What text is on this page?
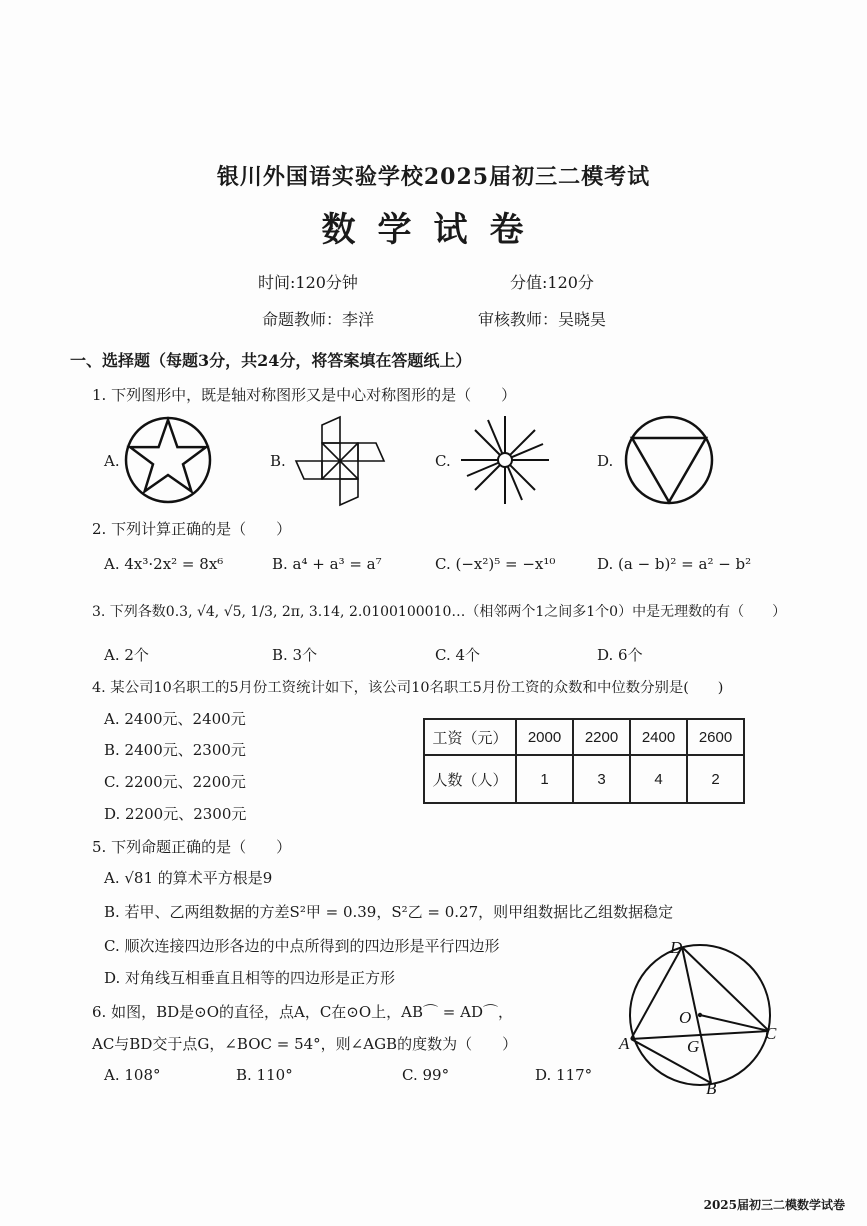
银川外国语实验学校2025届初三二模考试
数学试卷
时间:120分钟	分值:120分
命题教师：李洋	审核教师：吴晓昊
一、选择题（每题3分，共24分，将答案填在答题纸上）
1. 下列图形中，既是轴对称图形又是中心对称图形的是（　　）
A.	B.	C.	D.
2. 下列计算正确的是（　　）
A. 4x³·2x² = 8x⁶	B. a⁴ + a³ = a⁷	C. (−x²)⁵ = −x¹⁰	D. (a − b)² = a² − b²
3. 下列各数0.3, √4, √5, 1/3, 2π, 3.14, 2.0100100010…（相邻两个1之间多1个0）中是无理数的有（　　）
A. 2个	B. 3个	C. 4个	D. 6个
4. 某公司10名职工的5月份工资统计如下，该公司10名职工5月份工资的众数和中位数分别是(　　)
A. 2400元、2400元
B. 2400元、2300元
C. 2200元、2200元
D. 2200元、2300元
工资（元）	2000	2200	2400	2600
人数（人）	1	3	4	2
5. 下列命题正确的是（　　）
A. √81 的算术平方根是9
B. 若甲、乙两组数据的方差S²甲 = 0.39，S²乙 = 0.27，则甲组数据比乙组数据稳定
C. 顺次连接四边形各边的中点所得到的四边形是平行四边形
D. 对角线互相垂直且相等的四边形是正方形
6. 如图，BD是⊙O的直径，点A，C在⊙O上，AB⌒ = AD⌒，
AC与BD交于点G，∠BOC = 54°，则∠AGB的度数为（　　）
A. 108°	B. 110°	C. 99°	D. 117°
D
O
C
A	G
B
2025届初三二模数学试卷
